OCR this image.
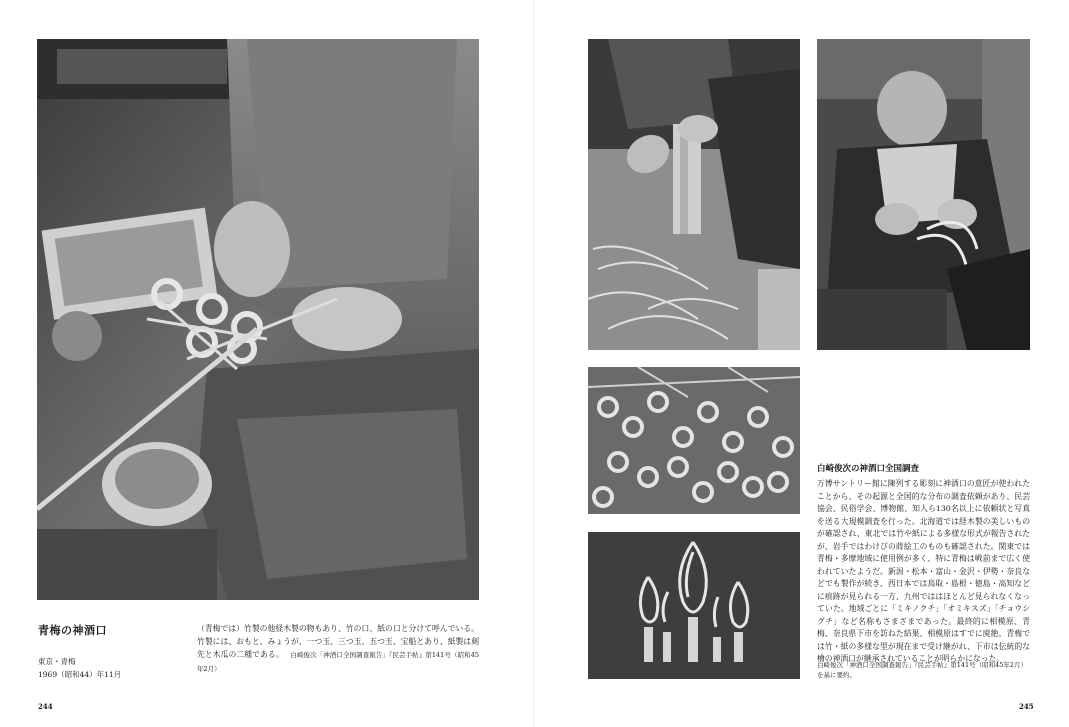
青梅の神酒口
東京・青梅
1969（昭和44）年11月
（青梅では）竹製の他経木製の物もあり、竹の口、紙の口と分けて呼んでいる。竹製には、おもと、みょうが、一つ玉、三つ玉、五つ玉、宝船とあり、紙製は剣先と木瓜の二種である。 白崎俊次「神酒口全国調査報告」『民芸手帖』第141号（昭和45年2月）
244
白崎俊次の神酒口全国調査
万博サントリー館に陳列する彫刻に神酒口の意匠が使われたことから、その起源と全国的な分布の調査依頼があり、民芸協会、民俗学会、博物館、知人ら130名以上に依頼状と写真を送る大規模調査を行った。北海道では経木製の美しいものが確認され、東北では竹や紙による多様な形式が報告されたが、岩手ではわけびの蒔絵工のものも確認された。関東では青梅・多摩地域に使用例が多く、特に青梅は戦前まで広く使われていたようだ。新潟・松本・富山・金沢・伊勢・奈良などでも製作が続き、西日本では鳥取・島根・徳島・高知などに痕跡が見られる一方、九州でははほとんど見られなくなっていた。地域ごとに「ミキノクチ」「オミキスズ」「チョウシグチ」など名称もさまざまであった。最終的に相模原、青梅、奈良県下市を訪ねた結果、相模原はすでに廃絶。青梅では竹・紙の多様な型が現在まで受け継がれ、下市は伝統的な檜の神酒口が継承されていることが明らかになった。
白崎俊次「神酒口全国調査報告」『民芸手帖』第141号（昭和45年2月）を基に要約。
245
